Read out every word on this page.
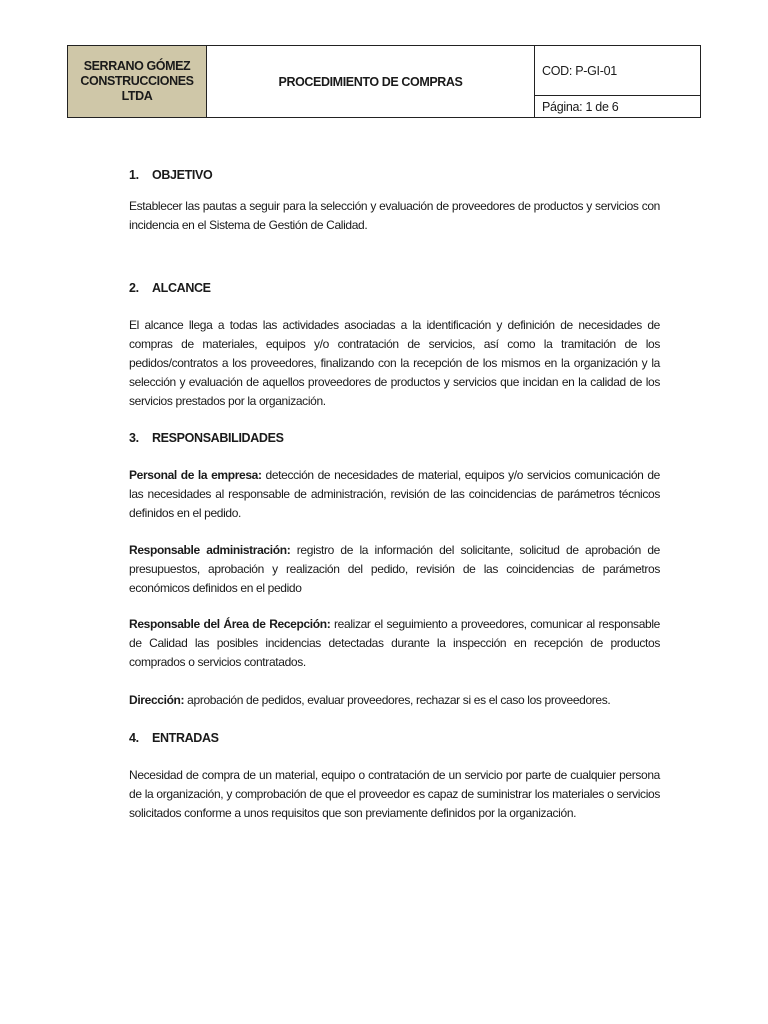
SERRANO GÓMEZ
CONSTRUCCIONES
LTDA
	PROCEDIMIENTO DE COMPRAS	COD: P-GI-01
Página: 1 de 6
1. OBJETIVO

Establecer las pautas a seguir para la selección y evaluación de proveedores de productos y servicios con incidencia en el Sistema de Gestión de Calidad.

2. ALCANCE

El alcance llega a todas las actividades asociadas a la identificación y definición de necesidades de compras de materiales, equipos y/o contratación de servicios, así como la tramitación de los pedidos/contratos a los proveedores, finalizando con la recepción de los mismos en la organización y la selección y evaluación de aquellos proveedores de productos y servicios que incidan en la calidad de los servicios prestados por la organización.

3. RESPONSABILIDADES

Personal de la empresa: detección de necesidades de material, equipos y/o servicios comunicación de las necesidades al responsable de administración, revisión de las coincidencias de parámetros técnicos definidos en el pedido.

Responsable administración: registro de la información del solicitante, solicitud de aprobación de presupuestos, aprobación y realización del pedido, revisión de las coincidencias de parámetros económicos definidos en el pedido

Responsable del Área de Recepción: realizar el seguimiento a proveedores, comunicar al responsable de Calidad las posibles incidencias detectadas durante la inspección en recepción de productos comprados o servicios contratados.

Dirección: aprobación de pedidos, evaluar proveedores, rechazar si es el caso los proveedores.

4. ENTRADAS

Necesidad de compra de un material, equipo o contratación de un servicio por parte de cualquier persona de la organización, y comprobación de que el proveedor es capaz de suministrar los materiales o servicios solicitados conforme a unos requisitos que son previamente definidos por la organización.
